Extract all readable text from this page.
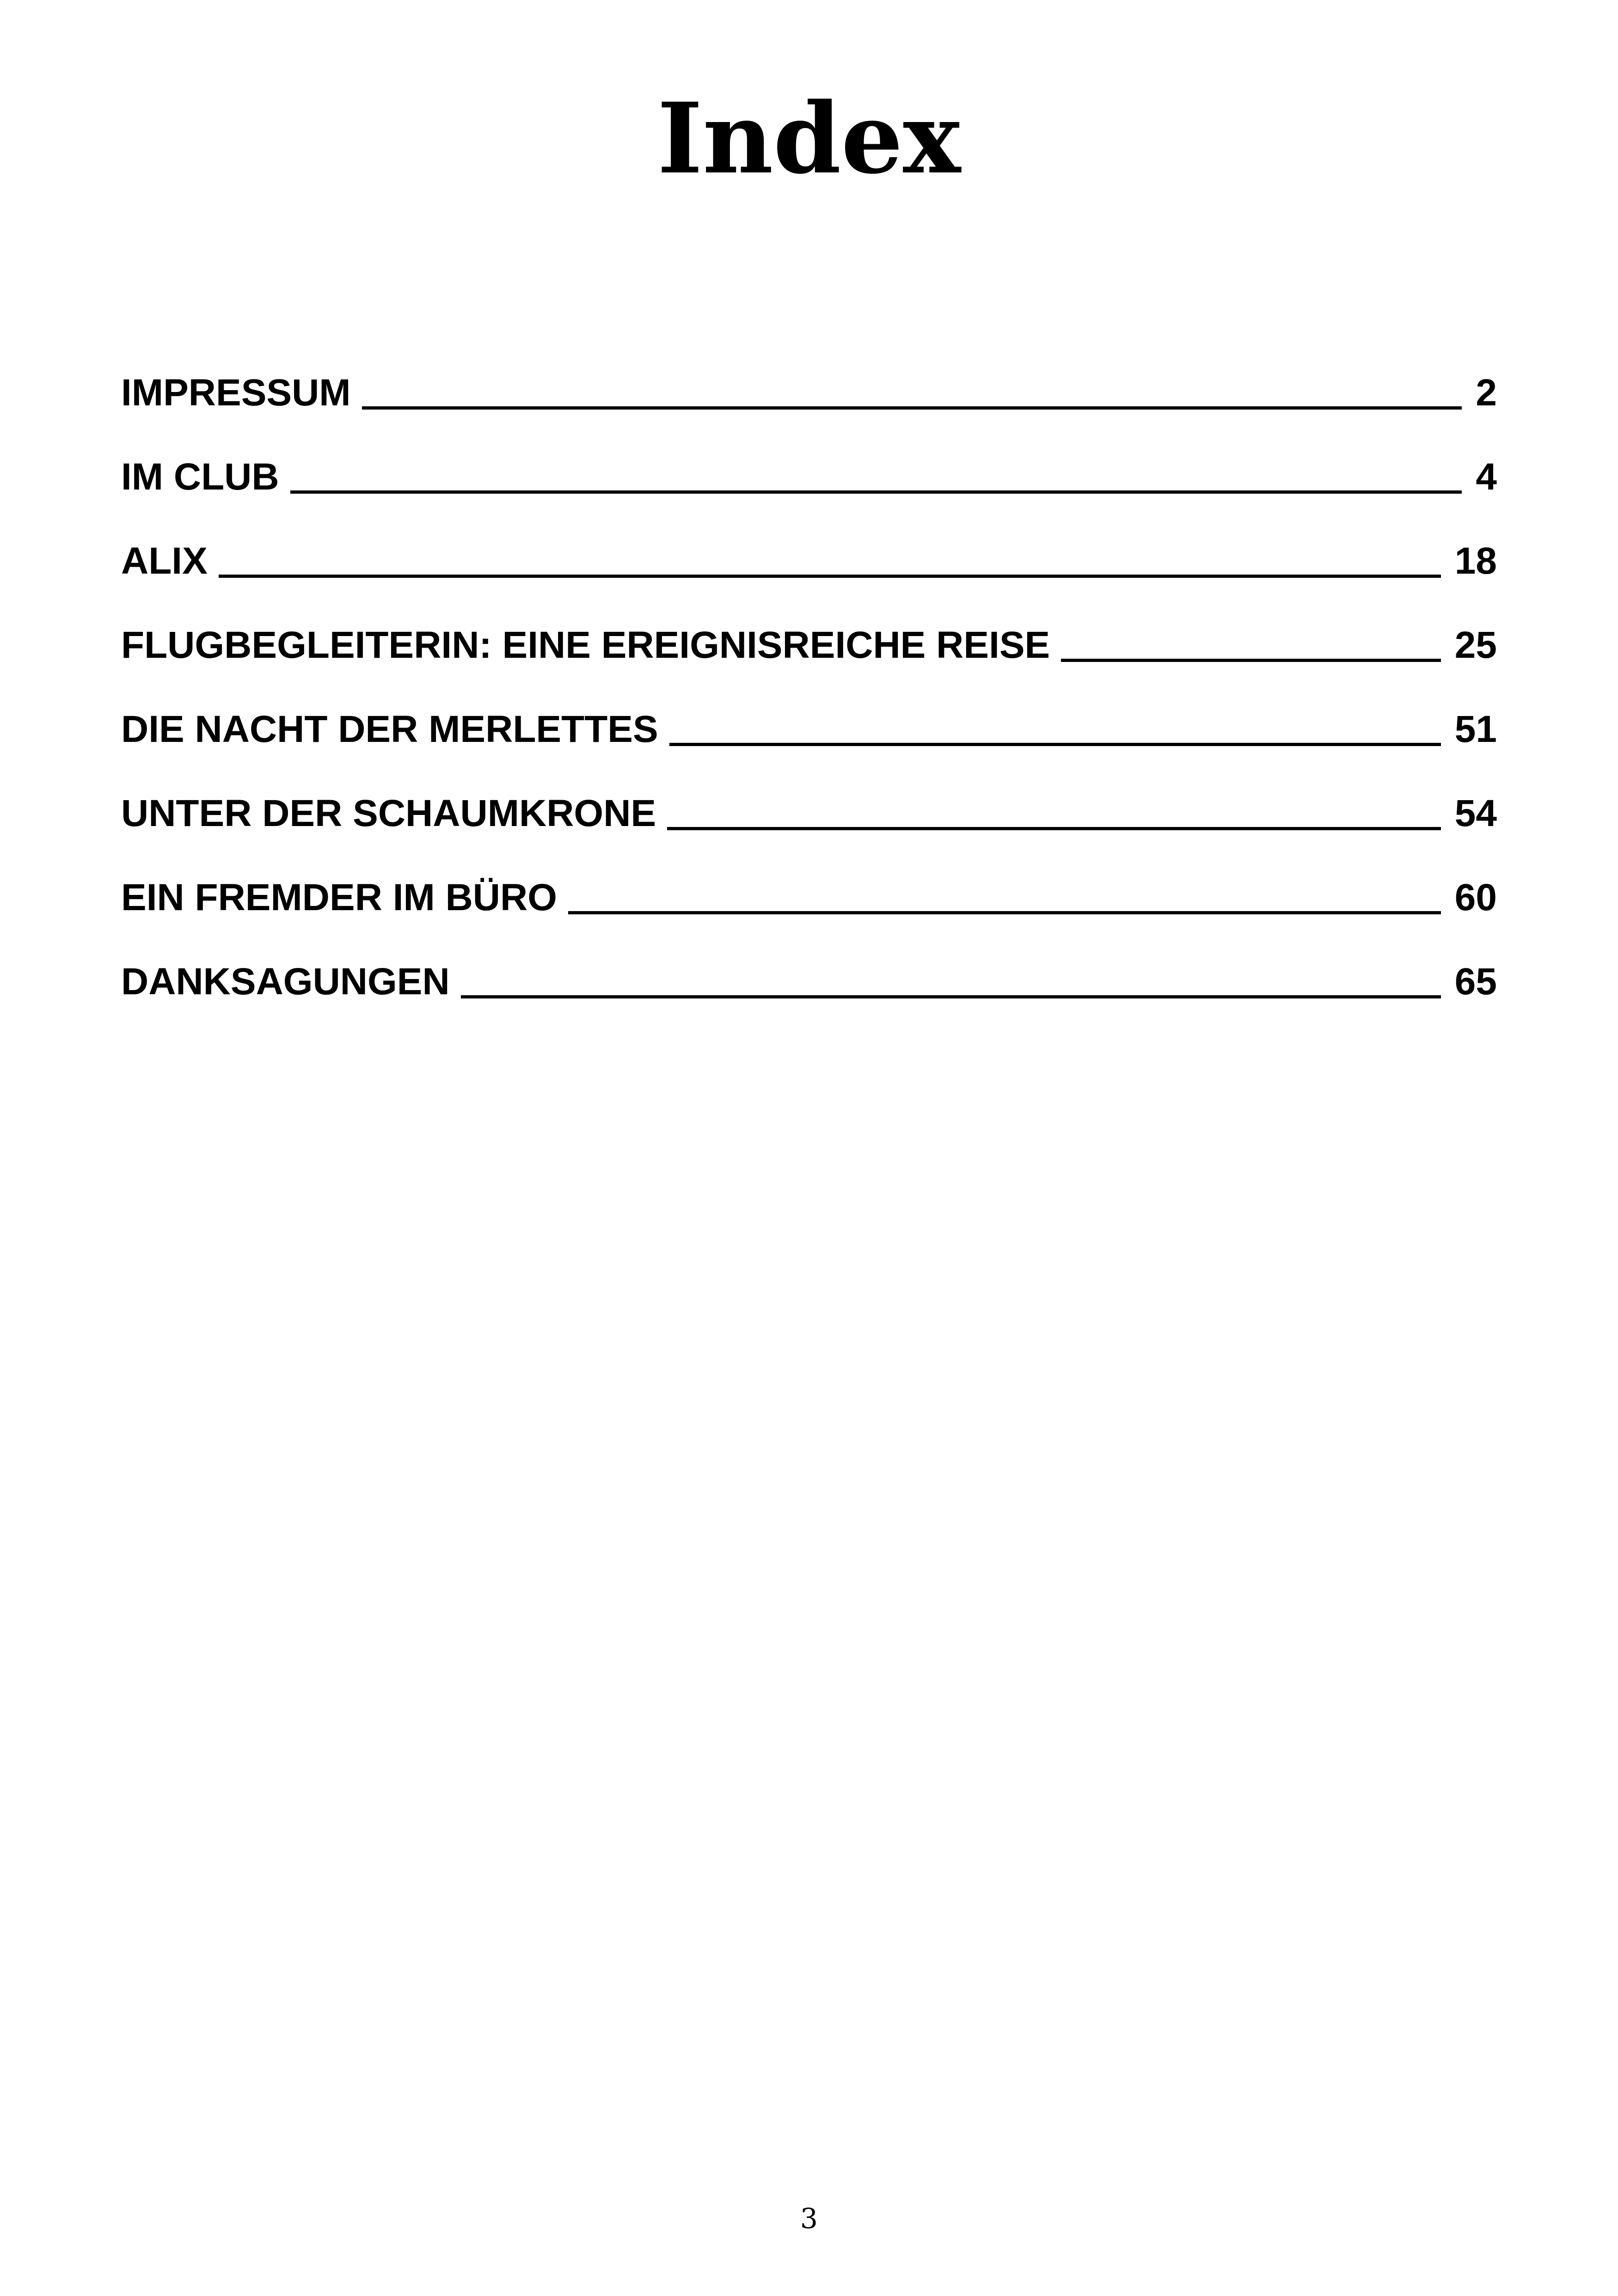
Index
IMPRESSUM	2
IM CLUB	4
ALIX	18
FLUGBEGLEITERIN: EINE EREIGNISREICHE REISE	25
DIE NACHT DER MERLETTES	51
UNTER DER SCHAUMKRONE	54
EIN FREMDER IM BÜRO	60
DANKSAGUNGEN	65
3
